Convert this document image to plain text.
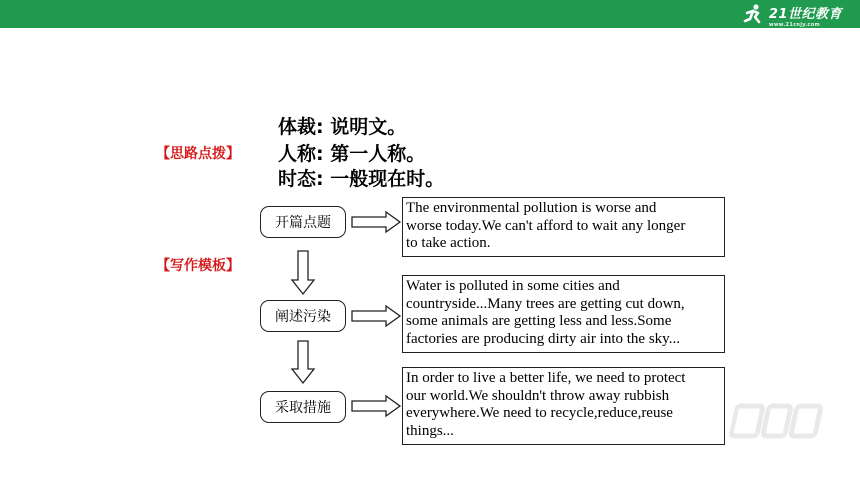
21世纪教育
www.21cnjy.com
【思路点拨】
【写作模板】
体裁: 说明文。
人称: 第一人称。
时态: 一般现在时。
开篇点题
阐述污染
采取措施
The environmental pollution is worse and
worse today.We can't afford to wait any longer
to take action.
Water is polluted in some cities and
countryside...Many trees are getting cut down,
some animals are getting less and less.Some
factories are producing dirty air into the sky...
In order to live a better life, we need to protect
our world.We shouldn't throw away rubbish
everywhere.We need to recycle,reduce,reuse
things...
